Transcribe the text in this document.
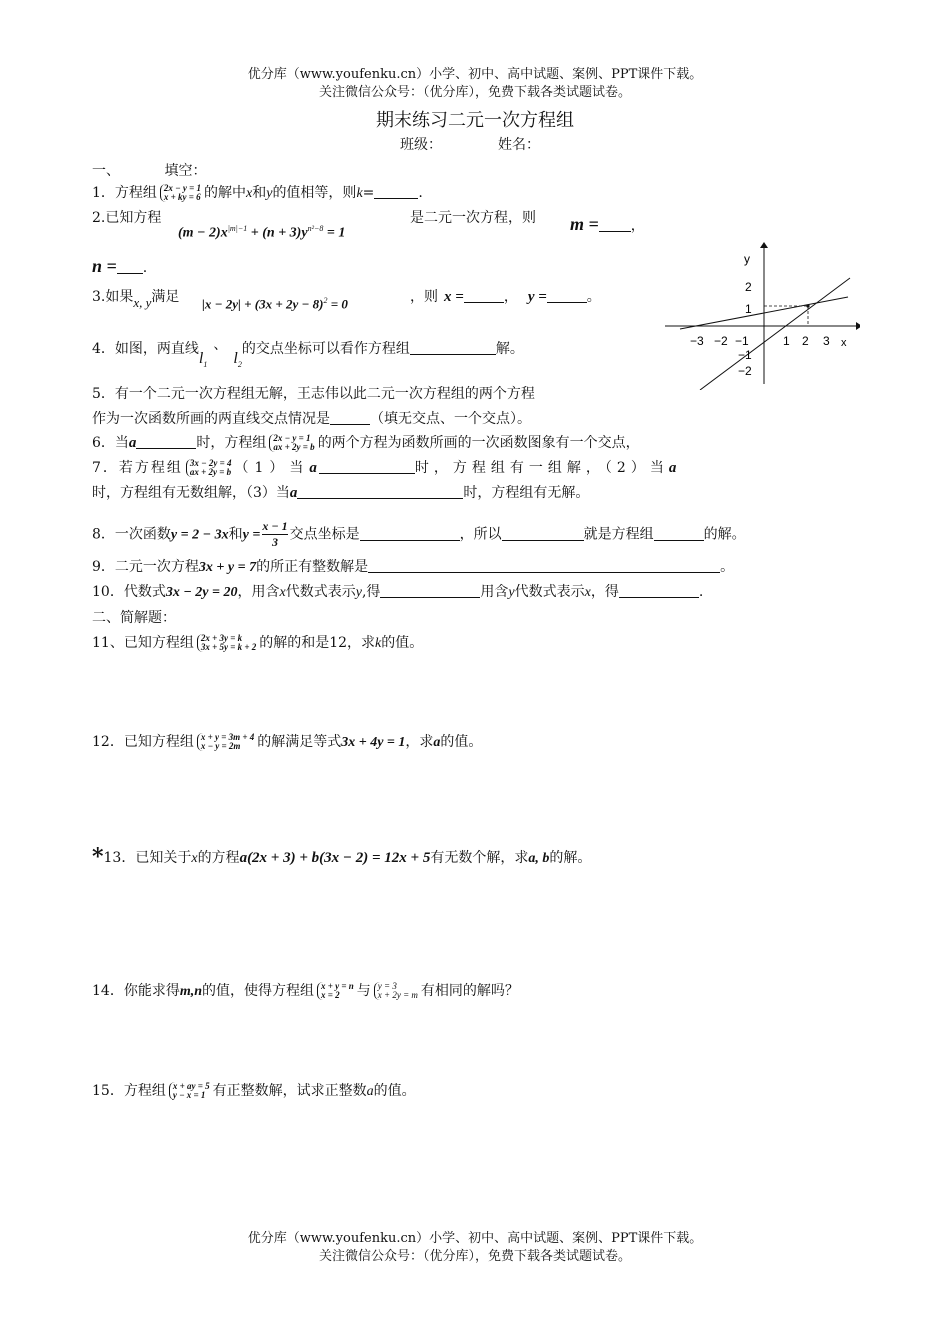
优分库（www.youfenku.cn）小学、初中、高中试题、案例、PPT课件下载。
关注微信公众号：（优分库），免费下载各类试题试卷。
期末练习二元一次方程组
班级：	姓名：
一、	填空：
1．方程组 2x − y = 1
x + ky = 6 的解中x和y的值相等，则k=	.
2.已知方程
$(m - 2)x^{|m|-1} + (n + 3)y^{n^2-8} = 1$
是二元一次方程，则 m = ，
n = .
3.如果x, y满足 $|x - 2y| + (3x + 2y - 8)^2 = 0$	，则 x =	， y =	。
4．如图，两直线$l_1$、$l_2$的交点坐标可以看作方程组	解。
y
x
−3 −2 −1	1 2 3
2
1
−1
−2
5．有一个二元一次方程组无解，王志伟以此二元一次方程组的两个方程
作为一次函数所画的两直线交点情况是	（填无交点、一个交点）。
6．当a	时，方程组 2x − y = 1
ax + 2y = b 的两个方程为函数所画的一次函数图象有一个交点，
7．若方程组 3x − 2y = 4
ax + 2y = b （1）当a	时，方程组有一组解，（2）当a
时，方程组有无数组解，（3）当a	时，方程组有无解。
8．一次函数y = 2 − 3x和$y = \frac{x - 1}{3}$ 交点坐标是	，所以	就是方程组	的解。
9．二元一次方程3x + y = 7的所正有整数解是	。
10．代数式3x − 2y = 20，用含x代数式表示y,得	用含y代数式表示x，得	.
二、简解题：
11、已知方程组 2x + 3y = k
3x + 5y = k + 2 的解的和是12，求k的值。
12．已知方程组 x + y = 3m + 4
x − y = 2m 的解满足等式3x + 4y = 1，求a的值。
*13．已知关于x的方程a(2x + 3) + b(3x − 2) = 12x + 5有无数个解，求a, b的解。
14．你能求得m,n的值，使得方程组 x + y = n
x = 2 与 y = 3
x + 2y = m 有相同的解吗？
15．方程组 x + ay = 5
y − x = 1 有正整数解，试求正整数a的值。
优分库（www.youfenku.cn）小学、初中、高中试题、案例、PPT课件下载。
关注微信公众号：（优分库），免费下载各类试题试卷。
